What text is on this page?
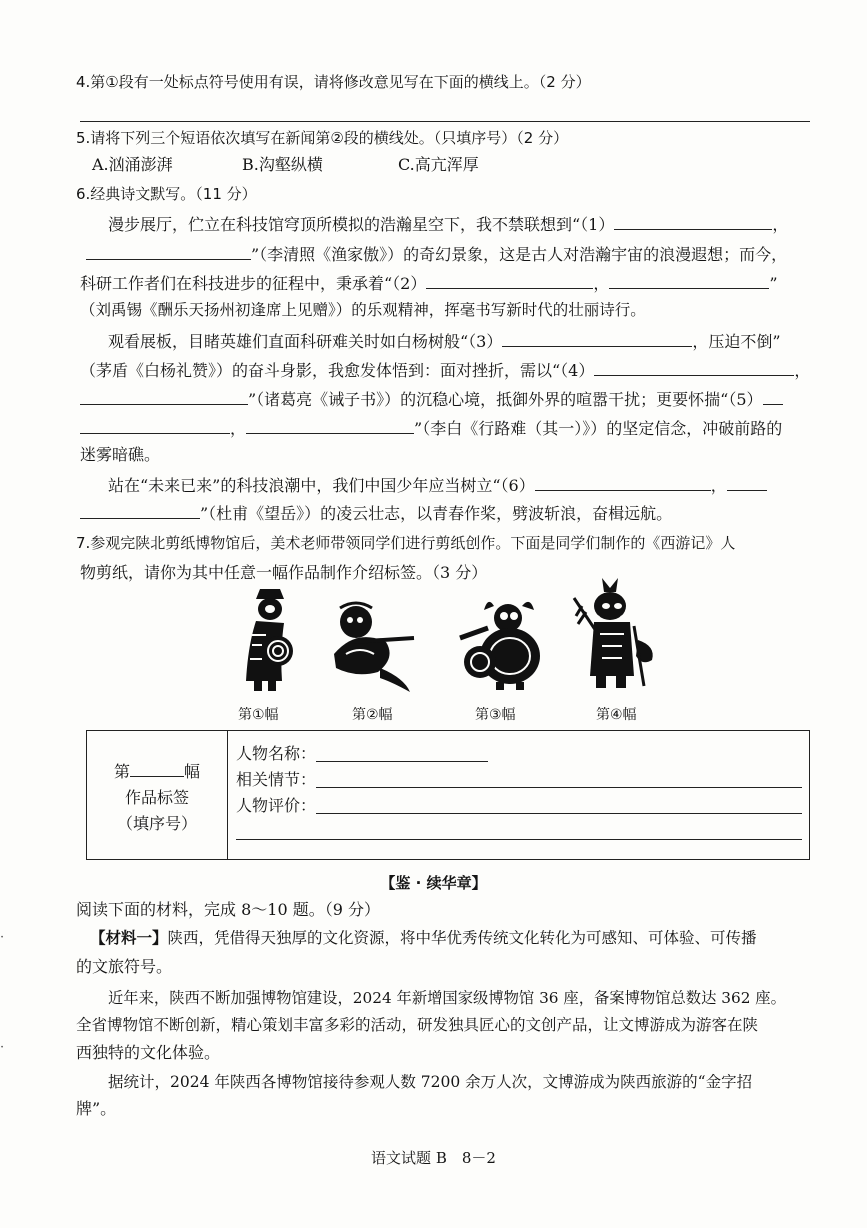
4.第①段有一处标点符号使用有误，请将修改意见写在下面的横线上。（2 分）
5.请将下列三个短语依次填写在新闻第②段的横线处。（只填序号）（2 分）
A.汹涌澎湃	B.沟壑纵横	C.高亢浑厚
6.经典诗文默写。（11 分）
漫步展厅，伫立在科技馆穹顶所模拟的浩瀚星空下，我不禁联想到“（1）	，
”（李清照《渔家傲》）的奇幻景象，这是古人对浩瀚宇宙的浪漫遐想；而今，
科研工作者们在科技进步的征程中，秉承着“（2）	，	”
（刘禹锡《酬乐天扬州初逢席上见赠》）的乐观精神，挥毫书写新时代的壮丽诗行。
观看展板，目睹英雄们直面科研难关时如白杨树般“（3）	，压迫不倒”
（茅盾《白杨礼赞》）的奋斗身影，我愈发体悟到：面对挫折，需以“（4）	，
”（诸葛亮《诫子书》）的沉稳心境，抵御外界的喧嚣干扰；更要怀揣“（5）
，	”（李白《行路难（其一）》）的坚定信念，冲破前路的
迷雾暗礁。
站在“未来已来”的科技浪潮中，我们中国少年应当树立“（6）	，
”（杜甫《望岳》）的凌云壮志，以青春作桨，劈波斩浪，奋楫远航。
7.参观完陕北剪纸博物馆后，美术老师带领同学们进行剪纸创作。下面是同学们制作的《西游记》人
物剪纸，请你为其中任意一幅作品制作介绍标签。（3 分）
第①幅	第②幅	第③幅	第④幅
第	幅
作品标签
（填序号）

人物名称：
相关情节：
人物评价：
【鉴 · 续华章】
阅读下面的材料，完成 8～10 题。（9 分）
【材料一】陕西，凭借得天独厚的文化资源，将中华优秀传统文化转化为可感知、可体验、可传播
的文旅符号。
近年来，陕西不断加强博物馆建设，2024 年新增国家级博物馆 36 座，备案博物馆总数达 362 座。
全省博物馆不断创新，精心策划丰富多彩的活动，研发独具匠心的文创产品，让文博游成为游客在陕
西独特的文化体验。
据统计，2024 年陕西各博物馆接待参观人数 7200 余万人次，文博游成为陕西旅游的“金字招
牌”。
语文试题 B　8－2
·
·
